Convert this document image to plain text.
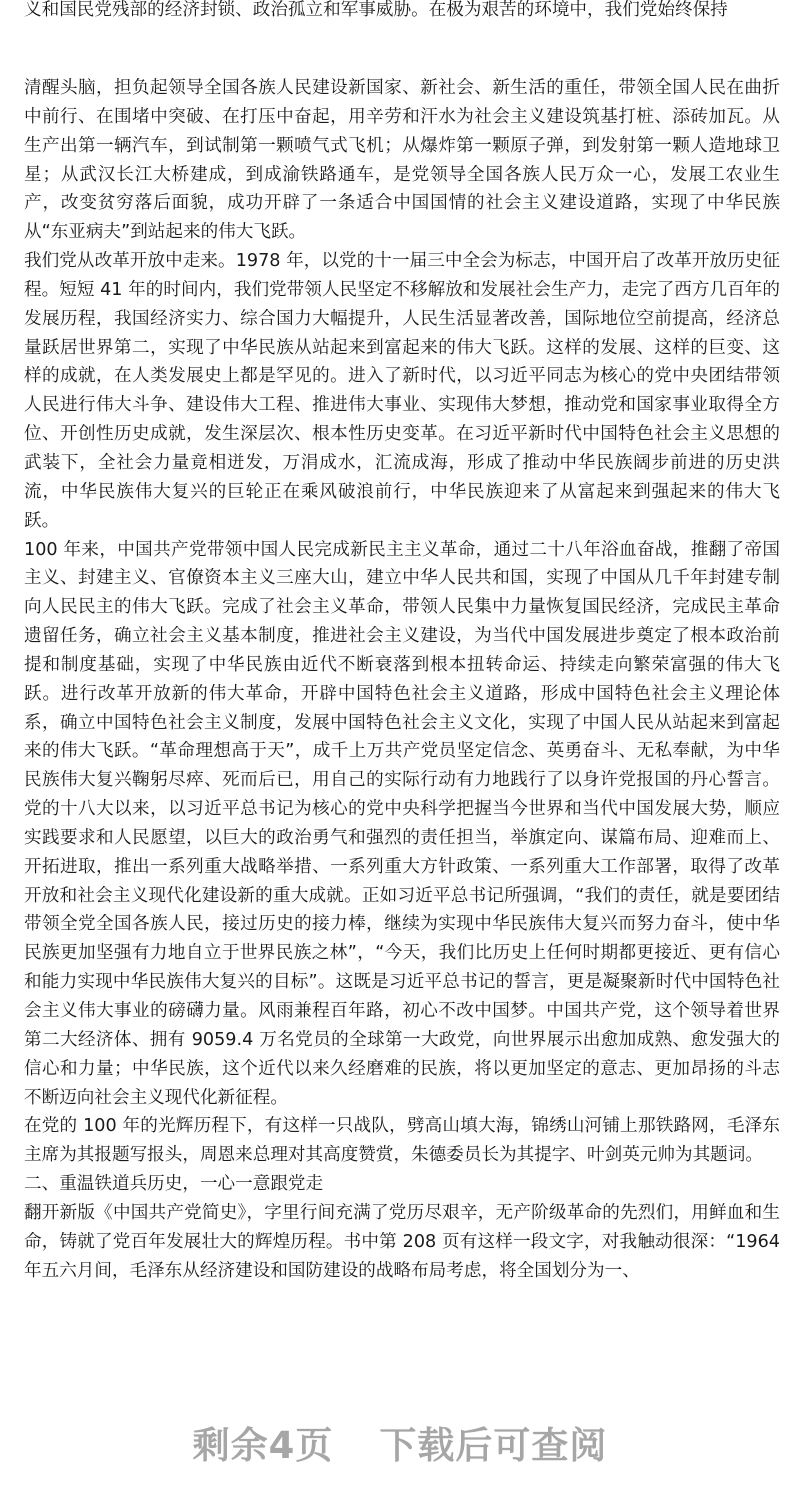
义和国民党残部的经济封锁、政治孤立和军事威胁。在极为艰苦的环境中，我们党始终保持

清醒头脑，担负起领导全国各族人民建设新国家、新社会、新生活的重任，带领全国人民在曲折中前行、在围堵中突破、在打压中奋起，用辛劳和汗水为社会主义建设筑基打桩、添砖加瓦。从生产出第一辆汽车，到试制第一颗喷气式飞机；从爆炸第一颗原子弹，到发射第一颗人造地球卫星；从武汉长江大桥建成，到成渝铁路通车，是党领导全国各族人民万众一心，发展工农业生产，改变贫穷落后面貌，成功开辟了一条适合中国国情的社会主义建设道路，实现了中华民族从“东亚病夫”到站起来的伟大飞跃。

我们党从改革开放中走来。1978 年，以党的十一届三中全会为标志，中国开启了改革开放历史征程。短短 41 年的时间内，我们党带领人民坚定不移解放和发展社会生产力，走完了西方几百年的发展历程，我国经济实力、综合国力大幅提升，人民生活显著改善，国际地位空前提高，经济总量跃居世界第二，实现了中华民族从站起来到富起来的伟大飞跃。这样的发展、这样的巨变、这样的成就，在人类发展史上都是罕见的。进入了新时代，以习近平同志为核心的党中央团结带领人民进行伟大斗争、建设伟大工程、推进伟大事业、实现伟大梦想，推动党和国家事业取得全方位、开创性历史成就，发生深层次、根本性历史变革。在习近平新时代中国特色社会主义思想的武装下，全社会力量竟相迸发，万涓成水，汇流成海，形成了推动中华民族阔步前进的历史洪流，中华民族伟大复兴的巨轮正在乘风破浪前行，中华民族迎来了从富起来到强起来的伟大飞跃。

100 年来，中国共产党带领中国人民完成新民主主义革命，通过二十八年浴血奋战，推翻了帝国主义、封建主义、官僚资本主义三座大山，建立中华人民共和国，实现了中国从几千年封建专制向人民民主的伟大飞跃。完成了社会主义革命，带领人民集中力量恢复国民经济，完成民主革命遗留任务，确立社会主义基本制度，推进社会主义建设，为当代中国发展进步奠定了根本政治前提和制度基础，实现了中华民族由近代不断衰落到根本扭转命运、持续走向繁荣富强的伟大飞跃。进行改革开放新的伟大革命，开辟中国特色社会主义道路，形成中国特色社会主义理论体系，确立中国特色社会主义制度，发展中国特色社会主义文化，实现了中国人民从站起来到富起来的伟大飞跃。“革命理想高于天”，成千上万共产党员坚定信念、英勇奋斗、无私奉献，为中华民族伟大复兴鞠躬尽瘁、死而后已，用自己的实际行动有力地践行了以身许党报国的丹心誓言。党的十八大以来，以习近平总书记为核心的党中央科学把握当今世界和当代中国发展大势，顺应实践要求和人民愿望，以巨大的政治勇气和强烈的责任担当，举旗定向、谋篇布局、迎难而上、开拓进取，推出一系列重大战略举措、一系列重大方针政策、一系列重大工作部署，取得了改革开放和社会主义现代化建设新的重大成就。正如习近平总书记所强调，“我们的责任，就是要团结带领全党全国各族人民，接过历史的接力棒，继续为实现中华民族伟大复兴而努力奋斗，使中华民族更加坚强有力地自立于世界民族之林”，“今天，我们比历史上任何时期都更接近、更有信心和能力实现中华民族伟大复兴的目标”。这既是习近平总书记的誓言，更是凝聚新时代中国特色社会主义伟大事业的磅礴力量。风雨兼程百年路，初心不改中国梦。中国共产党，这个领导着世界第二大经济体、拥有 9059.4 万名党员的全球第一大政党，向世界展示出愈加成熟、愈发强大的信心和力量；中华民族，这个近代以来久经磨难的民族，将以更加坚定的意志、更加昂扬的斗志不断迈向社会主义现代化新征程。

在党的 100 年的光辉历程下，有这样一只战队，劈高山填大海，锦绣山河铺上那铁路网，毛泽东主席为其报题写报头，周恩来总理对其高度赞赏，朱德委员长为其提字、叶剑英元帅为其题词。

二、重温铁道兵历史，一心一意跟党走

翻开新版《中国共产党简史》，字里行间充满了党历尽艰辛，无产阶级革命的先烈们，用鲜血和生命，铸就了党百年发展壮大的辉煌历程。书中第 208 页有这样一段文字，对我触动很深：“1964 年五六月间，毛泽东从经济建设和国防建设的战略布局考虑，将全国划分为一、

剩余4页 下载后可查阅
